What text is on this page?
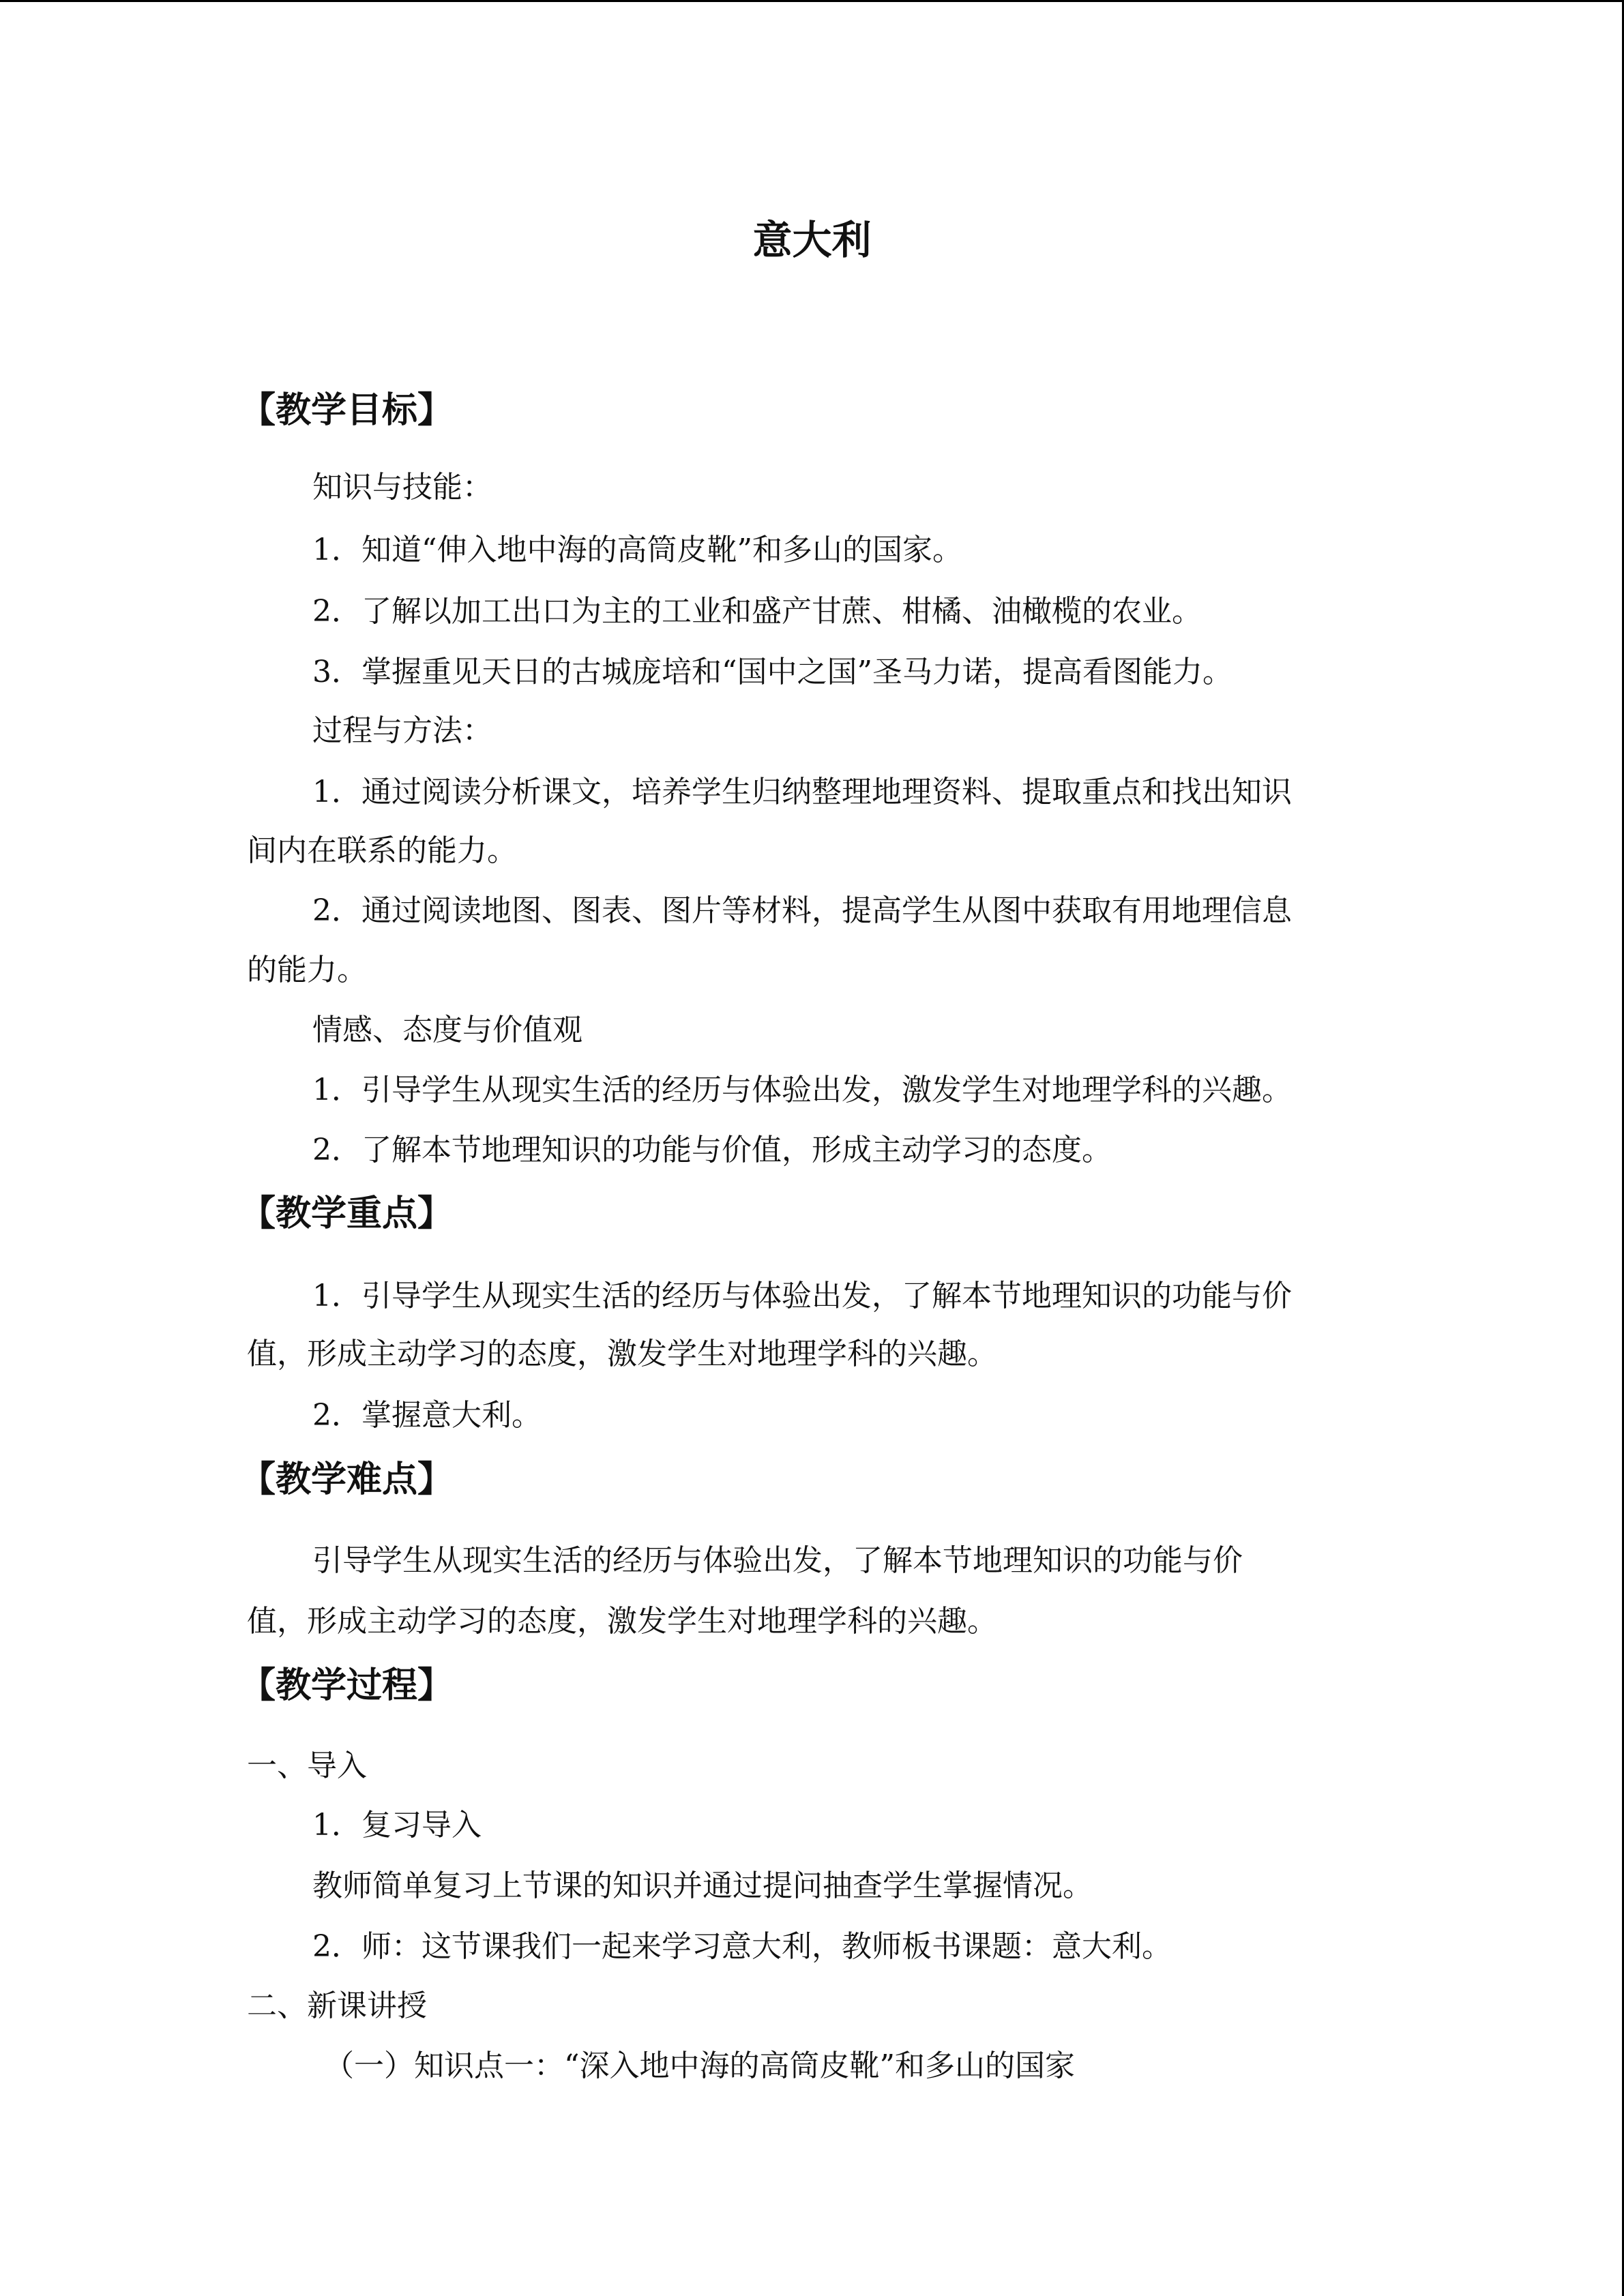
意大利
【教学目标】
知识与技能：
1．知道“伸入地中海的高筒皮靴”和多山的国家。
2．了解以加工出口为主的工业和盛产甘蔗、柑橘、油橄榄的农业。
3．掌握重见天日的古城庞培和“国中之国”圣马力诺，提高看图能力。
过程与方法：
1．通过阅读分析课文，培养学生归纳整理地理资料、提取重点和找出知识
间内在联系的能力。
2．通过阅读地图、图表、图片等材料，提高学生从图中获取有用地理信息
的能力。
情感、态度与价值观
1．引导学生从现实生活的经历与体验出发，激发学生对地理学科的兴趣。
2．了解本节地理知识的功能与价值，形成主动学习的态度。
【教学重点】
1．引导学生从现实生活的经历与体验出发，了解本节地理知识的功能与价
值，形成主动学习的态度，激发学生对地理学科的兴趣。
2．掌握意大利。
【教学难点】
引导学生从现实生活的经历与体验出发，了解本节地理知识的功能与价
值，形成主动学习的态度，激发学生对地理学科的兴趣。
【教学过程】
一、导入
1．复习导入
教师简单复习上节课的知识并通过提问抽查学生掌握情况。
2．师：这节课我们一起来学习意大利，教师板书课题：意大利。
二、新课讲授
（一）知识点一：“深入地中海的高筒皮靴”和多山的国家
